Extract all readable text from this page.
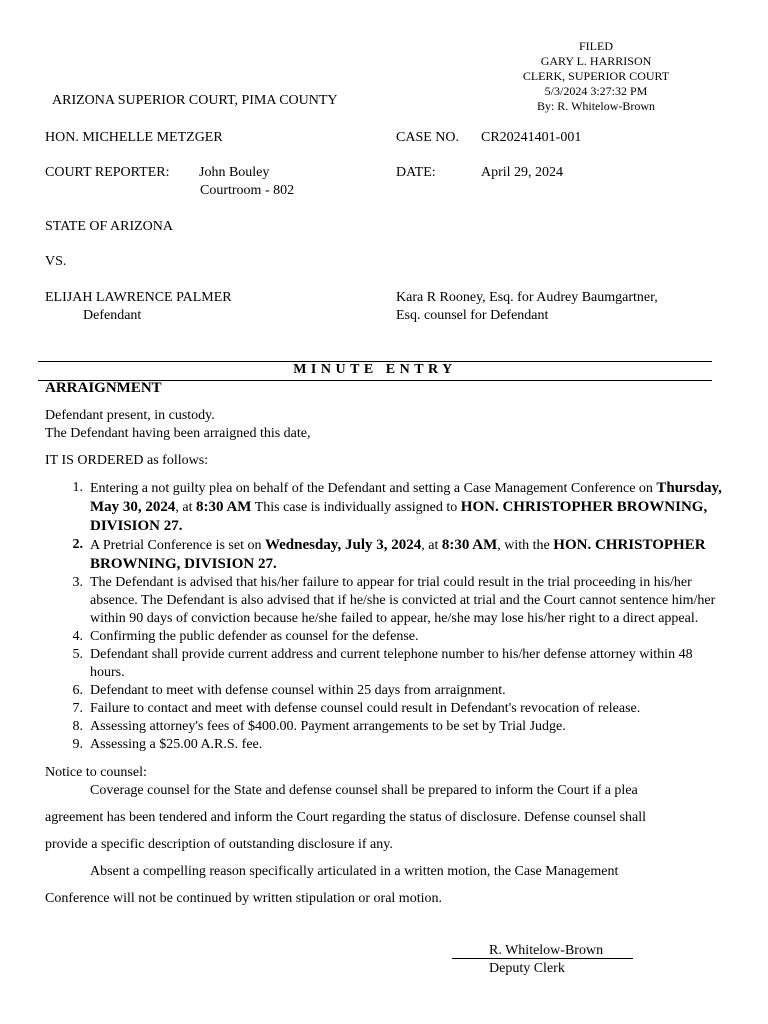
FILED
GARY L. HARRISON
CLERK, SUPERIOR COURT
5/3/2024 3:27:32 PM
By: R. Whitelow-Brown
ARIZONA SUPERIOR COURT, PIMA COUNTY
HON. MICHELLE METZGER	CASE NO. CR20241401-001
COURT REPORTER: John Bouley
Courtroom - 802
DATE:	April 29, 2024
STATE OF ARIZONA
VS.
ELIJAH LAWRENCE PALMER
Defendant
Kara R Rooney, Esq. for Audrey Baumgartner,
Esq. counsel for Defendant
MINUTE ENTRY
ARRAIGNMENT
Defendant present, in custody.
The Defendant having been arraigned this date,
IT IS ORDERED as follows:
1. Entering a not guilty plea on behalf of the Defendant and setting a Case Management Conference on Thursday, May 30, 2024, at 8:30 AM This case is individually assigned to HON. CHRISTOPHER BROWNING, DIVISION 27.
2. A Pretrial Conference is set on Wednesday, July 3, 2024, at 8:30 AM, with the HON. CHRISTOPHER BROWNING, DIVISION 27.
3. The Defendant is advised that his/her failure to appear for trial could result in the trial proceeding in his/her absence. The Defendant is also advised that if he/she is convicted at trial and the Court cannot sentence him/her within 90 days of conviction because he/she failed to appear, he/she may lose his/her right to a direct appeal.
4. Confirming the public defender as counsel for the defense.
5. Defendant shall provide current address and current telephone number to his/her defense attorney within 48 hours.
6. Defendant to meet with defense counsel within 25 days from arraignment.
7. Failure to contact and meet with defense counsel could result in Defendant's revocation of release.
8. Assessing attorney's fees of $400.00. Payment arrangements to be set by Trial Judge.
9. Assessing a $25.00 A.R.S. fee.
Notice to counsel:
Coverage counsel for the State and defense counsel shall be prepared to inform the Court if a plea
agreement has been tendered and inform the Court regarding the status of disclosure. Defense counsel shall
provide a specific description of outstanding disclosure if any.
Absent a compelling reason specifically articulated in a written motion, the Case Management
Conference will not be continued by written stipulation or oral motion.
R. Whitelow-Brown
Deputy Clerk
